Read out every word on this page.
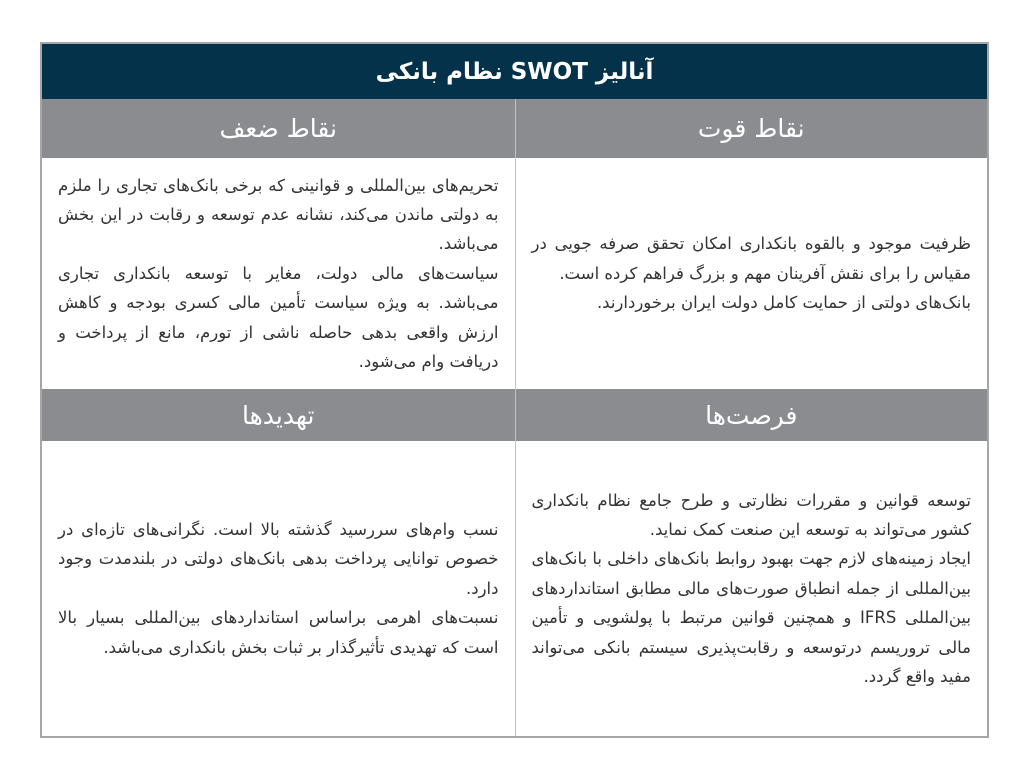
آنالیز SWOT نظام بانکی
نقاط ضعف	نقاط قوت

تحریم‌های بین‌المللی و قوانینی که برخی بانک‌های تجاری را ملزم به دولتی ماندن می‌کند، نشانه عدم توسعه و رقابت در این بخش می‌باشد.

سیاست‌های مالی دولت، مغایر با توسعه بانکداری تجاری می‌باشد. به ویژه سیاست تأمین مالی کسری بودجه و کاهش ارزش واقعی بدهی حاصله ناشی از تورم، مانع از پرداخت و دریافت وام می‌شود.

ظرفیت موجود و بالقوه بانکداری امکان تحقق صرفه جویی در مقیاس را برای نقش آفرینان مهم و بزرگ فراهم کرده است.

بانک‌های دولتی از حمایت کامل دولت ایران برخوردارند.

تهدیدها	فرصت‌ها

نسب وام‌های سررسید گذشته بالا است. نگرانی‌های تازه‌ای در خصوص توانایی پرداخت بدهی بانک‌های دولتی در بلندمدت وجود دارد.

نسبت‌های اهرمی براساس استانداردهای بین‌المللی بسیار بالا است که تهدیدی تأثیرگذار بر ثبات بخش بانکداری می‌باشد.

توسعه قوانین و مقررات نظارتی و طرح جامع نظام بانکداری کشور می‌تواند به توسعه این صنعت کمک نماید.

ایجاد زمینه‌های لازم جهت بهبود روابط بانک‌های داخلی با بانک‌های بین‌المللی از جمله انطباق صورت‌های مالی مطابق استانداردهای بین‌المللی IFRS و همچنین قوانین مرتبط با پولشویی و تأمین مالی تروریسم درتوسعه و رقابت‌پذیری سیستم بانکی می‌تواند مفید واقع گردد.
